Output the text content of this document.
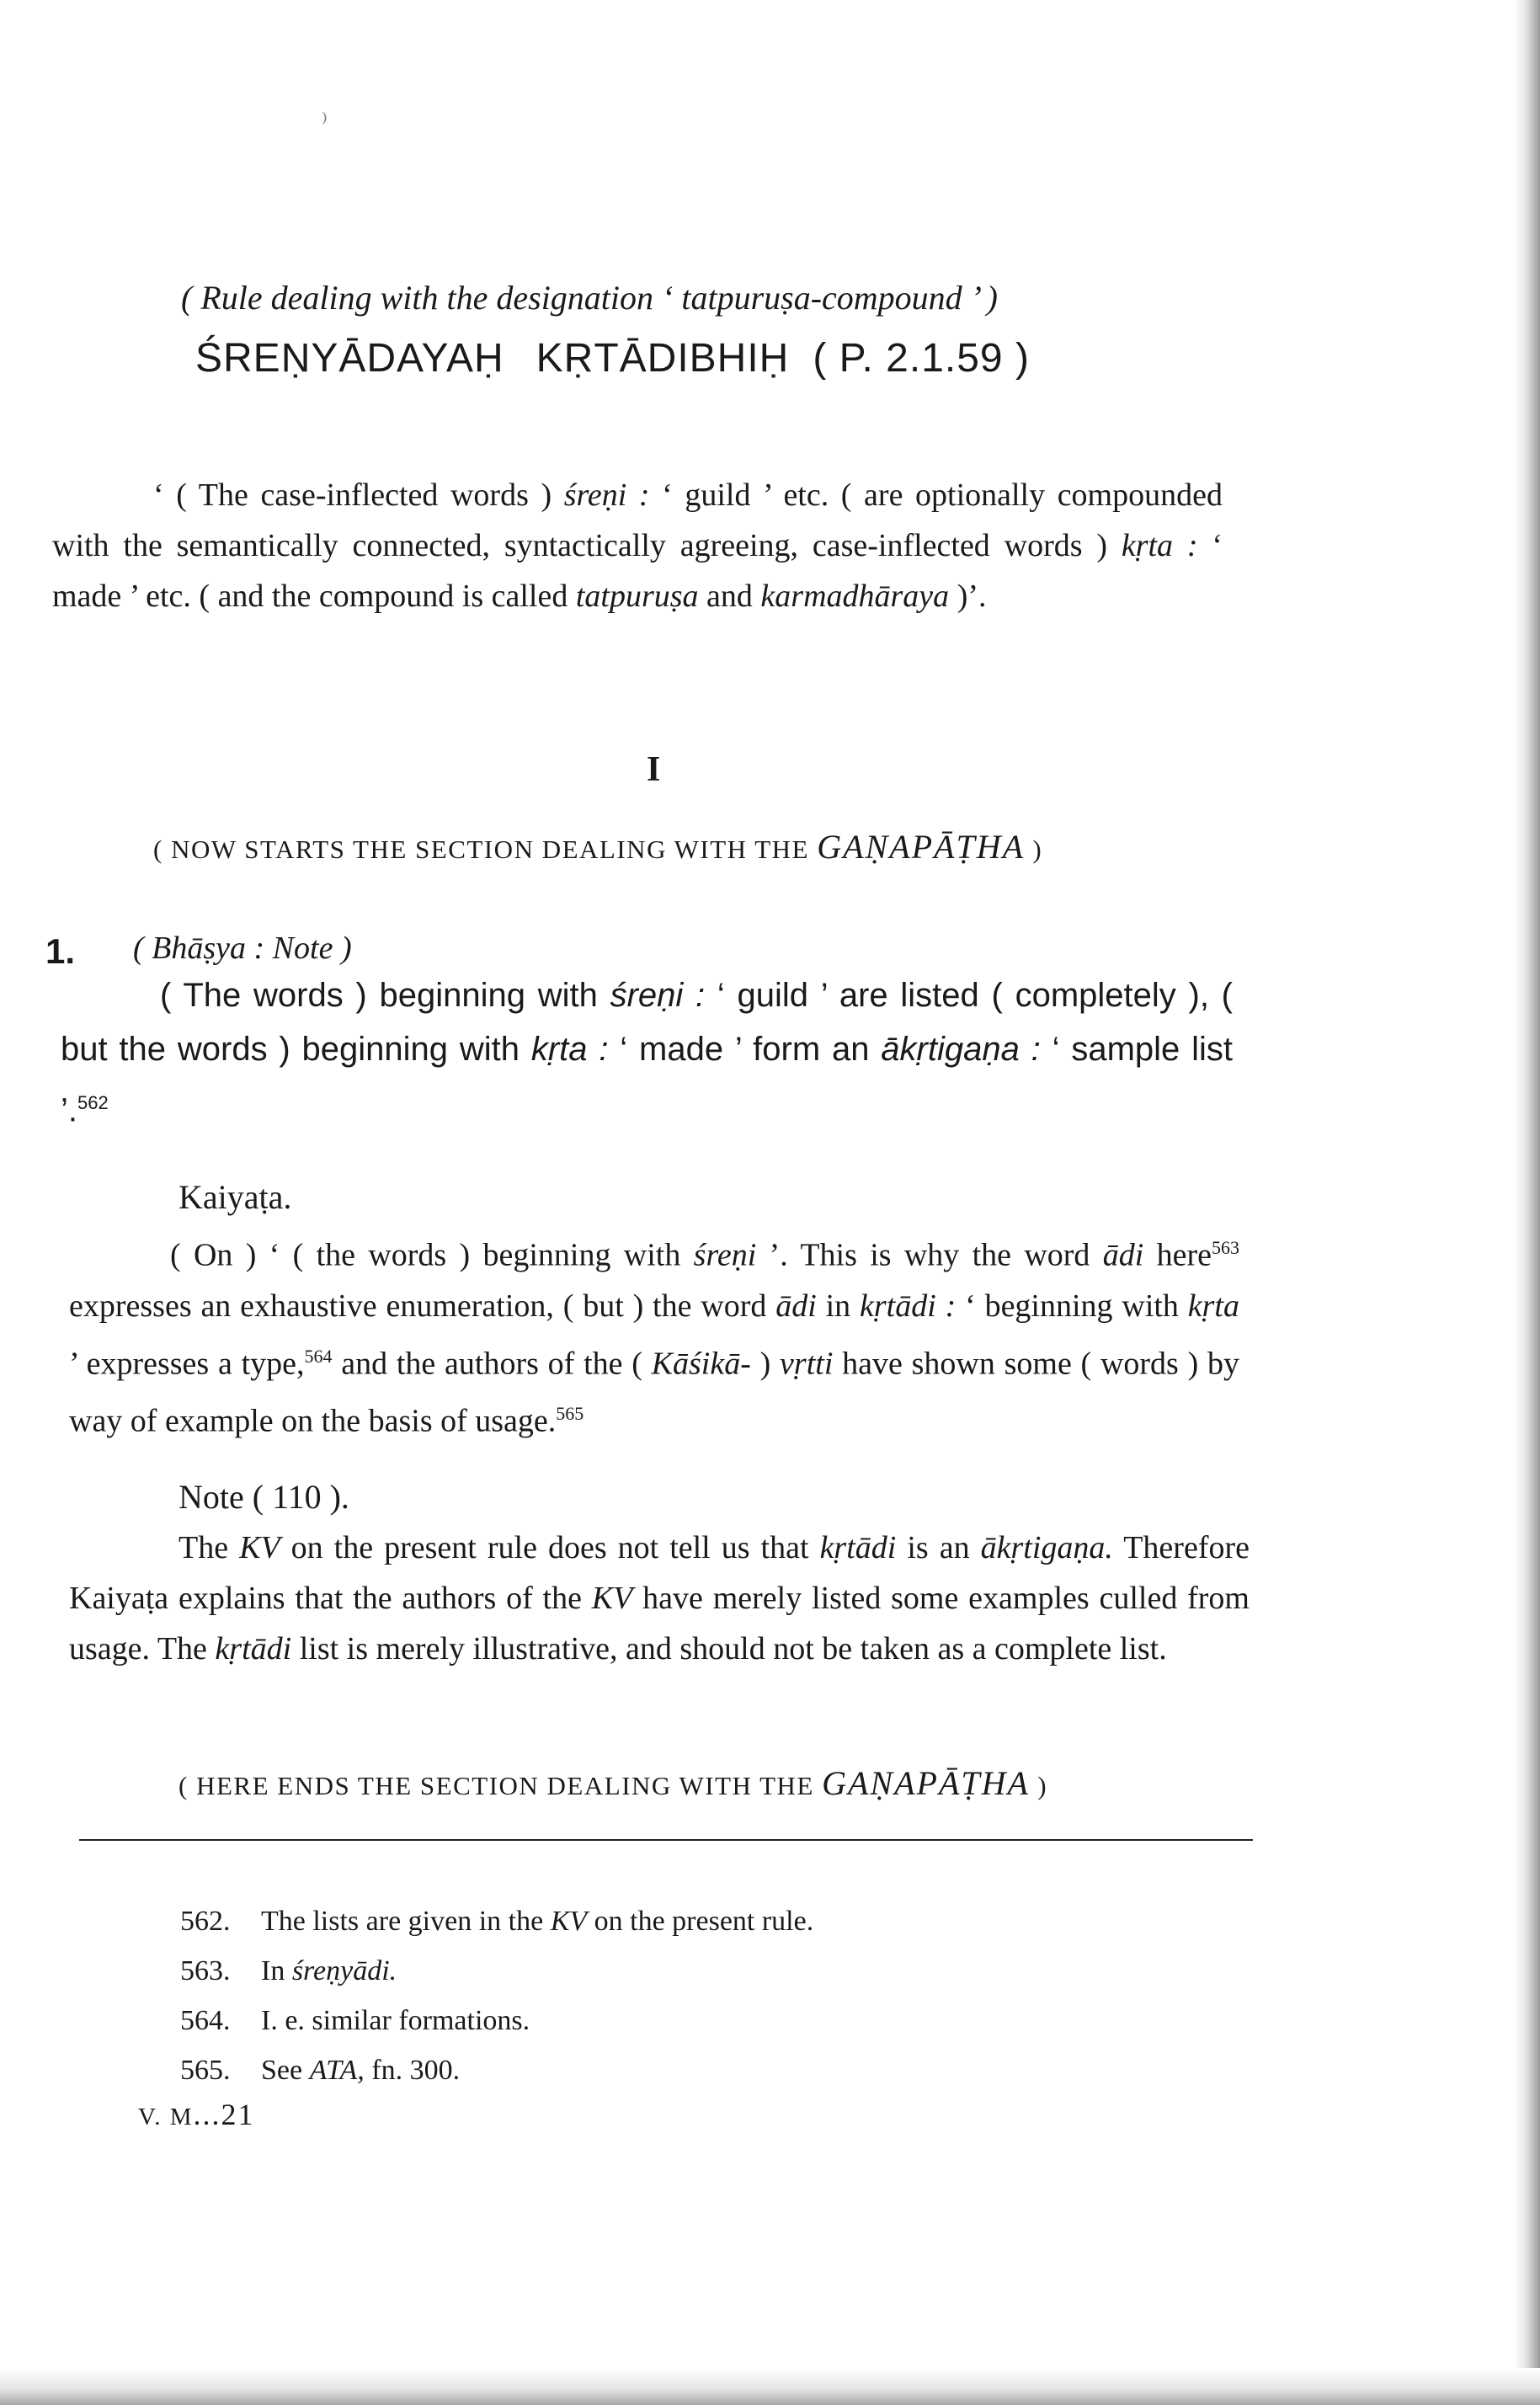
⁾
( Rule dealing with the designation ‘ tatpuruṣa-compound ’ )
ŚREṆYĀDAYAḤ KṚTĀDIBHIḤ ( P. 2.1.59 )

‘ ( The case-inflected words ) śreṇi : ‘ guild ’ etc. ( are optionally compounded with the semantically connected, syntactically agreeing, case-inflected words ) kṛta : ‘ made ’ etc. ( and the compound is called tatpuruṣa and karmadhāraya )’.

I
( NOW STARTS THE SECTION DEALING WITH THE GAṆAPĀṬHA )
1. ( Bhāṣya : Note )

( The words ) beginning with śreṇi : ‘ guild ’ are listed ( completely ), ( but the words ) beginning with kṛta : ‘ made ’ form an ākṛtigaṇa : ‘ sample list ’.$^{562}$

Kaiyaṭa.

( On ) ‘ ( the words ) beginning with śreṇi ’. This is why the word ādi here$^{563}$ expresses an exhaustive enumeration, ( but ) the word ādi in kṛtādi : ‘ beginning with kṛta ’ expresses a type,$^{564}$ and the authors of the ( Kāśikā- ) vṛtti have shown some ( words ) by way of example on the basis of usage.$^{565}$

Note ( 110 ).

The KV on the present rule does not tell us that kṛtādi is an ākṛtigaṇa. Therefore Kaiyaṭa explains that the authors of the KV have merely listed some examples culled from usage. The kṛtādi list is merely illustrative, and should not be taken as a complete list.

( HERE ENDS THE SECTION DEALING WITH THE GAṆAPĀṬHA )
562. The lists are given in the KV on the present rule.
563. In śreṇyādi.
564. I. e. similar formations.
565. See ATA, fn. 300.
V. M...21
